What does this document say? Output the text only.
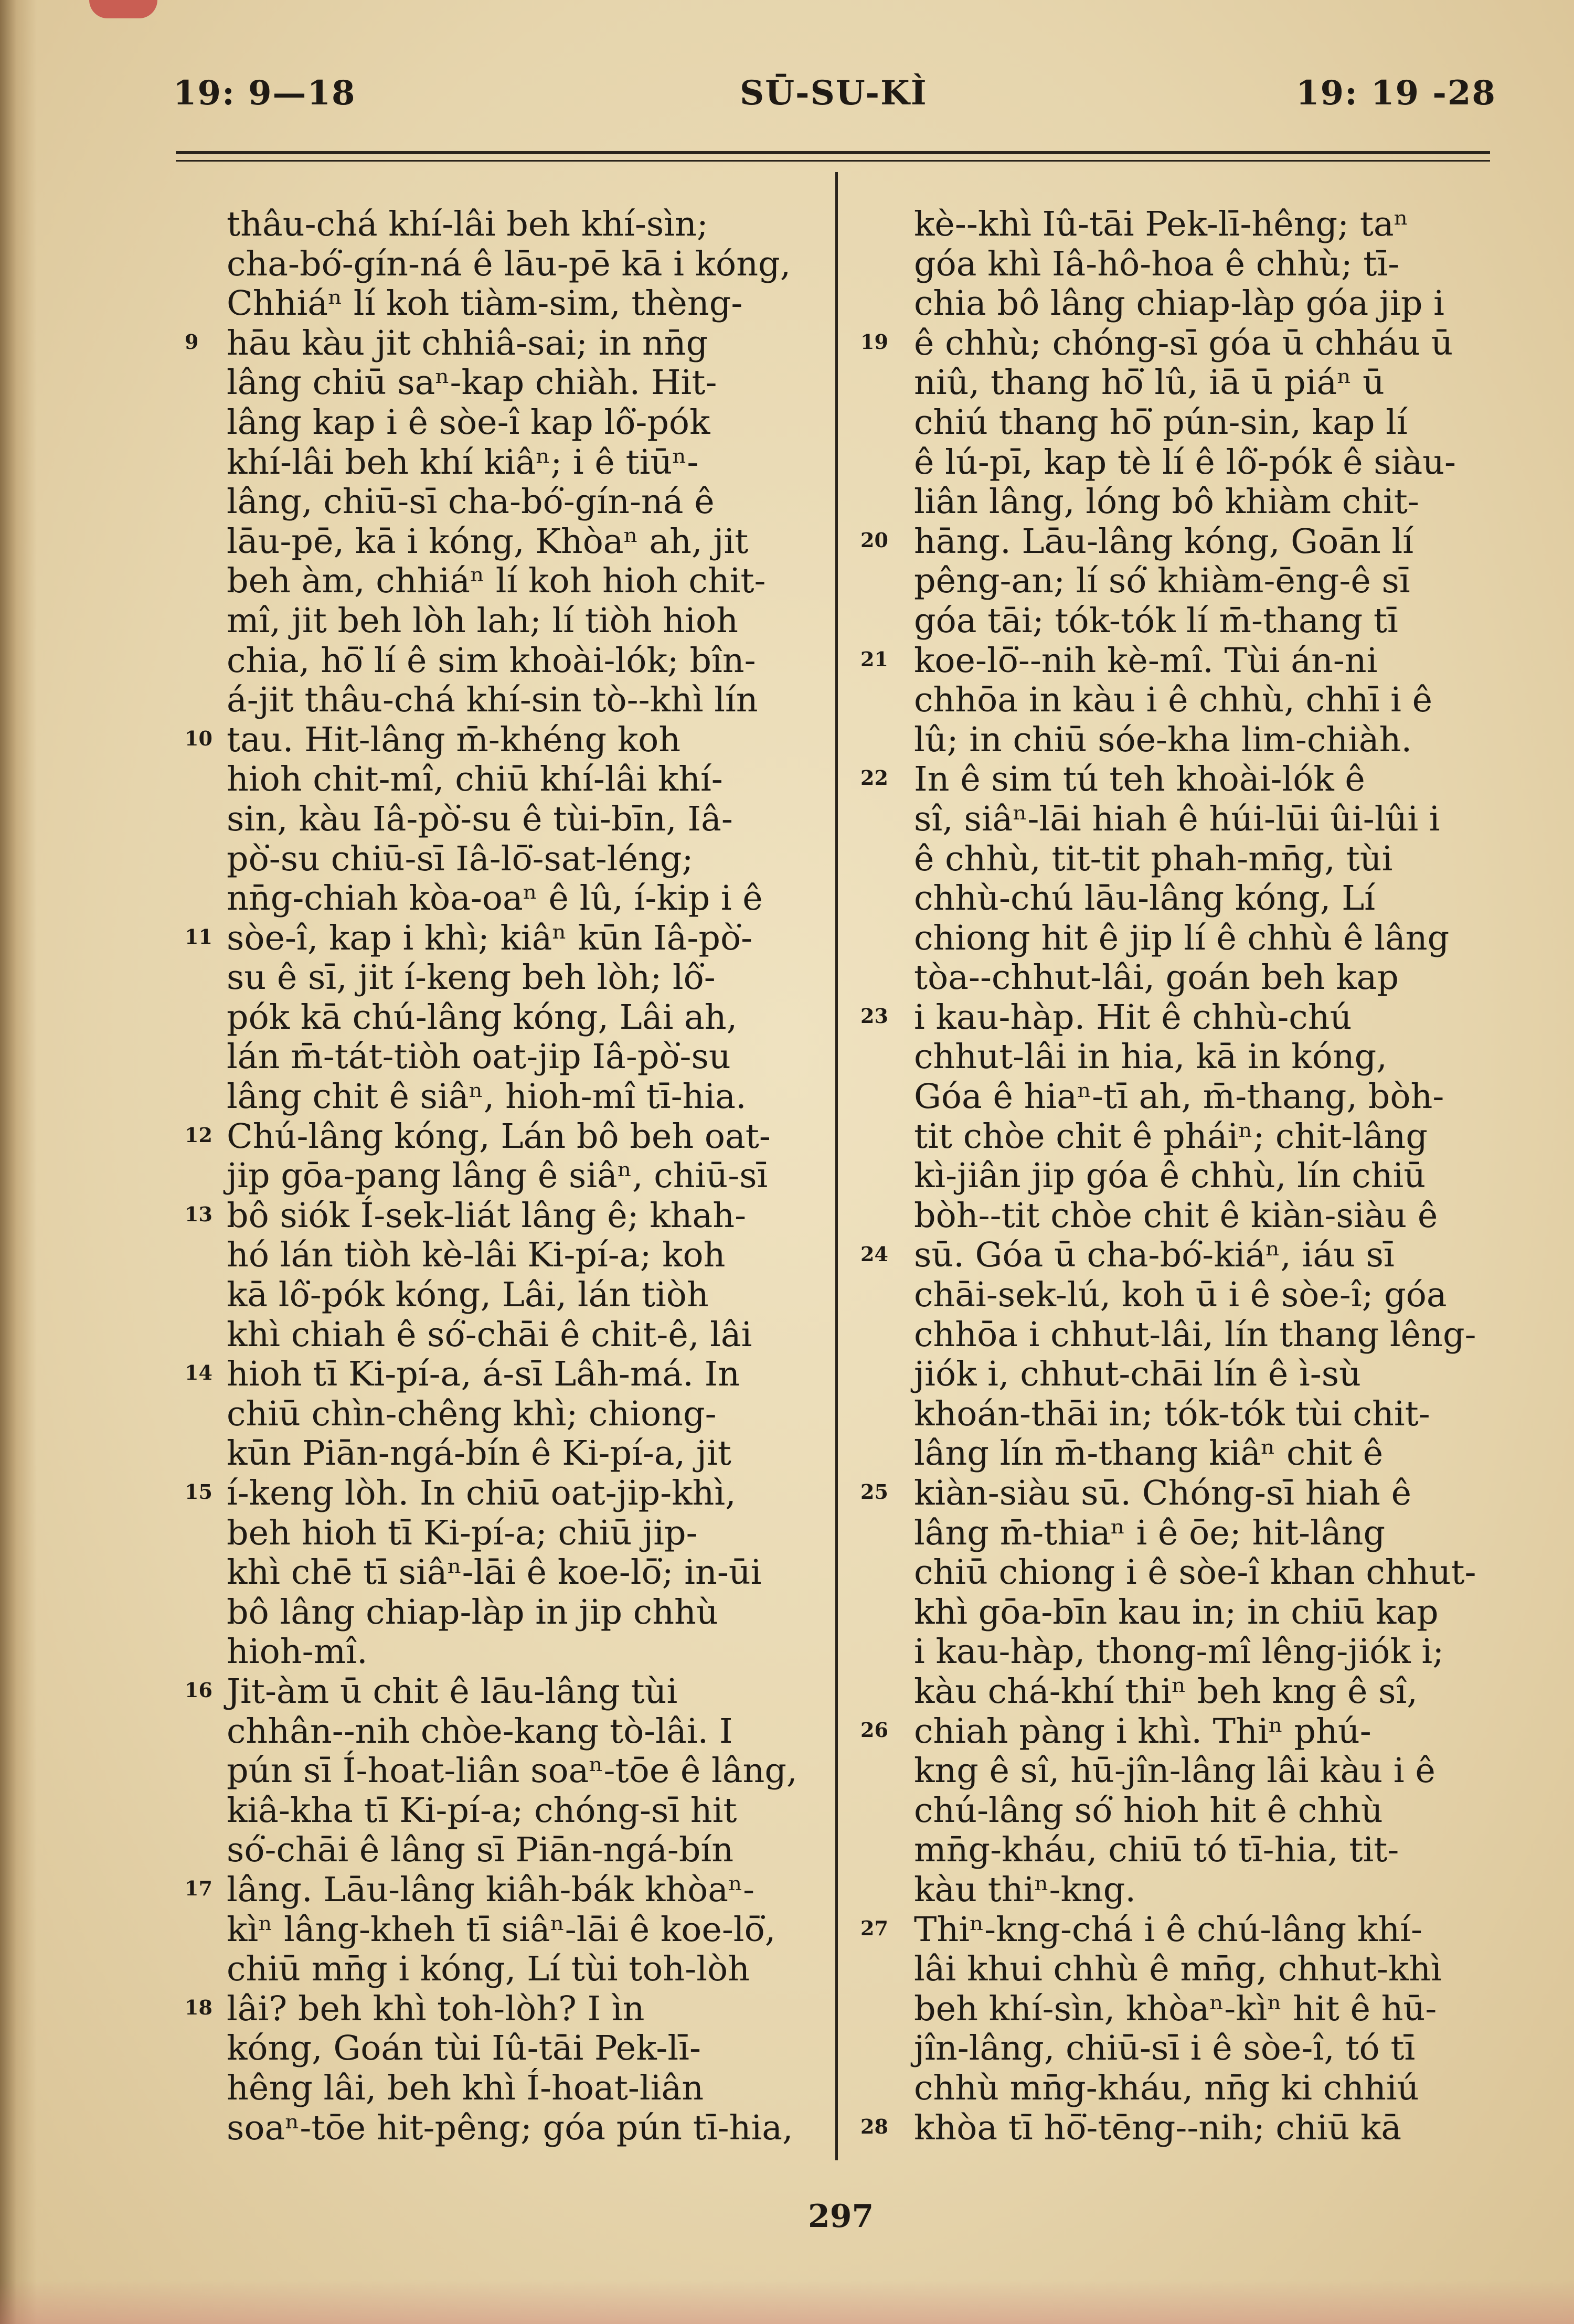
19: 9—18	SŪ-SU-KÌ	19: 19 -28
thâu-chá khí-lâi beh khí-sìn;
cha-bó͘-gín-ná ê lāu-pē kā i kóng,
Chhiáⁿ lí koh tiàm-sim, thèng-
hāu kàu jit chhiâ-sai; in nn̄g
lâng chiū saⁿ-kap chiàh. Hit-
lâng kap i ê sòe-î kap lô͘-pók
khí-lâi beh khí kiâⁿ; i ê tiūⁿ-
lâng, chiū-sī cha-bó͘-gín-ná ê
lāu-pē, kā i kóng, Khòaⁿ ah, jit
beh àm, chhiáⁿ lí koh hioh chit-
mî, jit beh lòh lah; lí tiòh hioh
chia, hō͘ lí ê sim khoài-lók; bîn-
á-jit thâu-chá khí-sin tò--khì lín
tau. Hit-lâng m̄-khéng koh
hioh chit-mî, chiū khí-lâi khí-
sin, kàu Iâ-pò͘-su ê tùi-bīn, Iâ-
pò͘-su chiū-sī Iâ-lō͘-sat-léng;
nn̄g-chiah kòa-oaⁿ ê lû, í-kip i ê
sòe-î, kap i khì; kiâⁿ kūn Iâ-pò͘-
su ê sī, jit í-keng beh lòh; lô͘-
pók kā chú-lâng kóng, Lâi ah,
lán m̄-tát-tiòh oat-jip Iâ-pò͘-su
lâng chit ê siâⁿ, hioh-mî tī-hia.
Chú-lâng kóng, Lán bô beh oat-
jip gōa-pang lâng ê siâⁿ, chiū-sī
bô siók Í-sek-liát lâng ê; khah-
hó lán tiòh kè-lâi Ki-pí-a; koh
kā lô͘-pók kóng, Lâi, lán tiòh
khì chiah ê só͘-chāi ê chit-ê, lâi
hioh tī Ki-pí-a, á-sī Lâh-má. In
chiū chìn-chêng khì; chiong-
kūn Piān-ngá-bín ê Ki-pí-a, jit
í-keng lòh. In chiū oat-jip-khì,
beh hioh tī Ki-pí-a; chiū jip-
khì chē tī siâⁿ-lāi ê koe-lō͘; in-ūi
bô lâng chiap-làp in jip chhù
hioh-mî.
Jit-àm ū chit ê lāu-lâng tùi
chhân--nih chòe-kang tò-lâi. I
pún sī Í-hoat-liân soaⁿ-tōe ê lâng,
kiâ-kha tī Ki-pí-a; chóng-sī hit
só͘-chāi ê lâng sī Piān-ngá-bín
lâng. Lāu-lâng kiâh-bák khòaⁿ-
kìⁿ lâng-kheh tī siâⁿ-lāi ê koe-lō͘,
chiū mn̄g i kóng, Lí tùi toh-lòh
lâi? beh khì toh-lòh? I ìn
kóng, Goán tùi Iû-tāi Pek-lī-
hêng lâi, beh khì Í-hoat-liân
soaⁿ-tōe hit-pêng; góa pún tī-hia,
kè--khì Iû-tāi Pek-lī-hêng; taⁿ
góa khì Iâ-hô-hoa ê chhù; tī-
chia bô lâng chiap-làp góa jip i
ê chhù; chóng-sī góa ū chháu ū
niû, thang hō͘ lû, iā ū piáⁿ ū
chiú thang hō͘ pún-sin, kap lí
ê lú-pī, kap tè lí ê lô͘-pók ê siàu-
liân lâng, lóng bô khiàm chit-
hāng. Lāu-lâng kóng, Goān lí
pêng-an; lí só͘ khiàm-ēng-ê sī
góa tāi; tók-tók lí m̄-thang tī
koe-lō͘--nih kè-mî. Tùi án-ni
chhōa in kàu i ê chhù, chhī i ê
lû; in chiū sóe-kha lim-chiàh.
In ê sim tú teh khoài-lók ê
sî, siâⁿ-lāi hiah ê húi-lūi ûi-lûi i
ê chhù, tit-tit phah-mn̄g, tùi
chhù-chú lāu-lâng kóng, Lí
chiong hit ê jip lí ê chhù ê lâng
tòa--chhut-lâi, goán beh kap
i kau-hàp. Hit ê chhù-chú
chhut-lâi in hia, kā in kóng,
Góa ê hiaⁿ-tī ah, m̄-thang, bòh-
tit chòe chit ê pháiⁿ; chit-lâng
kì-jiân jip góa ê chhù, lín chiū
bòh--tit chòe chit ê kiàn-siàu ê
sū. Góa ū cha-bó͘-kiáⁿ, iáu sī
chāi-sek-lú, koh ū i ê sòe-î; góa
chhōa i chhut-lâi, lín thang lêng-
jiók i, chhut-chāi lín ê ì-sù
khoán-thāi in; tók-tók tùi chit-
lâng lín m̄-thang kiâⁿ chit ê
kiàn-siàu sū. Chóng-sī hiah ê
lâng m̄-thiaⁿ i ê ōe; hit-lâng
chiū chiong i ê sòe-î khan chhut-
khì gōa-bīn kau in; in chiū kap
i kau-hàp, thong-mî lêng-jiók i;
kàu chá-khí thiⁿ beh kng ê sî,
chiah pàng i khì. Thiⁿ phú-
kng ê sî, hū-jîn-lâng lâi kàu i ê
chú-lâng só͘ hioh hit ê chhù
mn̄g-kháu, chiū tó tī-hia, tit-
kàu thiⁿ-kng.
Thiⁿ-kng-chá i ê chú-lâng khí-
lâi khui chhù ê mn̄g, chhut-khì
beh khí-sìn, khòaⁿ-kìⁿ hit ê hū-
jîn-lâng, chiū-sī i ê sòe-î, tó tī
chhù mn̄g-kháu, nn̄g ki chhiú
khòa tī hō͘-tēng--nih; chiū kā
9
10
11
12
13
14
15
16
17
18
19
20
21
22
23
24
25
26
27
28
297
